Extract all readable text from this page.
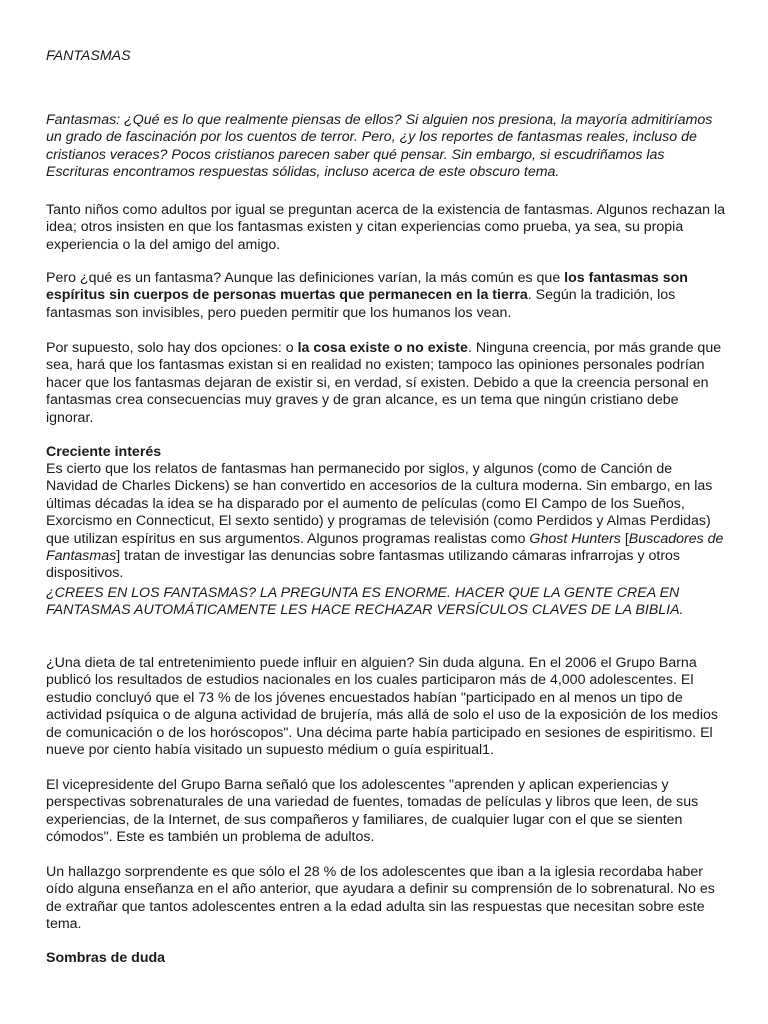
FANTASMAS

Fantasmas: ¿Qué es lo que realmente piensas de ellos? Si alguien nos presiona, la mayoría admitiríamos un grado de fascinación por los cuentos de terror. Pero, ¿y los reportes de fantasmas reales, incluso de cristianos veraces? Pocos cristianos parecen saber qué pensar. Sin embargo, si escudriñamos las Escrituras encontramos respuestas sólidas, incluso acerca de este obscuro tema.

Tanto niños como adultos por igual se preguntan acerca de la existencia de fantasmas. Algunos rechazan la idea; otros insisten en que los fantasmas existen y citan experiencias como prueba, ya sea, su propia experiencia o la del amigo del amigo.

Pero ¿qué es un fantasma? Aunque las definiciones varían, la más común es que los fantasmas son espíritus sin cuerpos de personas muertas que permanecen en la tierra. Según la tradición, los fantasmas son invisibles, pero pueden permitir que los humanos los vean.

Por supuesto, solo hay dos opciones: o la cosa existe o no existe. Ninguna creencia, por más grande que sea, hará que los fantasmas existan si en realidad no existen; tampoco las opiniones personales podrían hacer que los fantasmas dejaran de existir si, en verdad, sí existen. Debido a que la creencia personal en fantasmas crea consecuencias muy graves y de gran alcance, es un tema que ningún cristiano debe ignorar.

Creciente interés

Es cierto que los relatos de fantasmas han permanecido por siglos, y algunos (como de Canción de Navidad de Charles Dickens) se han convertido en accesorios de la cultura moderna. Sin embargo, en las últimas décadas la idea se ha disparado por el aumento de películas (como El Campo de los Sueños, Exorcismo en Connecticut, El sexto sentido) y programas de televisión (como Perdidos y Almas Perdidas) que utilizan espíritus en sus argumentos. Algunos programas realistas como Ghost Hunters [Buscadores de Fantasmas] tratan de investigar las denuncias sobre fantasmas utilizando cámaras infrarrojas y otros dispositivos.

¿CREES EN LOS FANTASMAS? LA PREGUNTA ES ENORME. HACER QUE LA GENTE CREA EN FANTASMAS AUTOMÁTICAMENTE LES HACE RECHAZAR VERSÍCULOS CLAVES DE LA BIBLIA.

¿Una dieta de tal entretenimiento puede influir en alguien? Sin duda alguna. En el 2006 el Grupo Barna publicó los resultados de estudios nacionales en los cuales participaron más de 4,000 adolescentes. El estudio concluyó que el 73 % de los jóvenes encuestados habían "participado en al menos un tipo de actividad psíquica o de alguna actividad de brujería, más allá de solo el uso de la exposición de los medios de comunicación o de los horóscopos". Una décima parte había participado en sesiones de espiritismo. El nueve por ciento había visitado un supuesto médium o guía espiritual1.

El vicepresidente del Grupo Barna señaló que los adolescentes "aprenden y aplican experiencias y perspectivas sobrenaturales de una variedad de fuentes, tomadas de películas y libros que leen, de sus experiencias, de la Internet, de sus compañeros y familiares, de cualquier lugar con el que se sienten cómodos". Este es también un problema de adultos.

Un hallazgo sorprendente es que sólo el 28 % de los adolescentes que iban a la iglesia recordaba haber oído alguna enseñanza en el año anterior, que ayudara a definir su comprensión de lo sobrenatural. No es de extrañar que tantos adolescentes entren a la edad adulta sin las respuestas que necesitan sobre este tema.

Sombras de duda
